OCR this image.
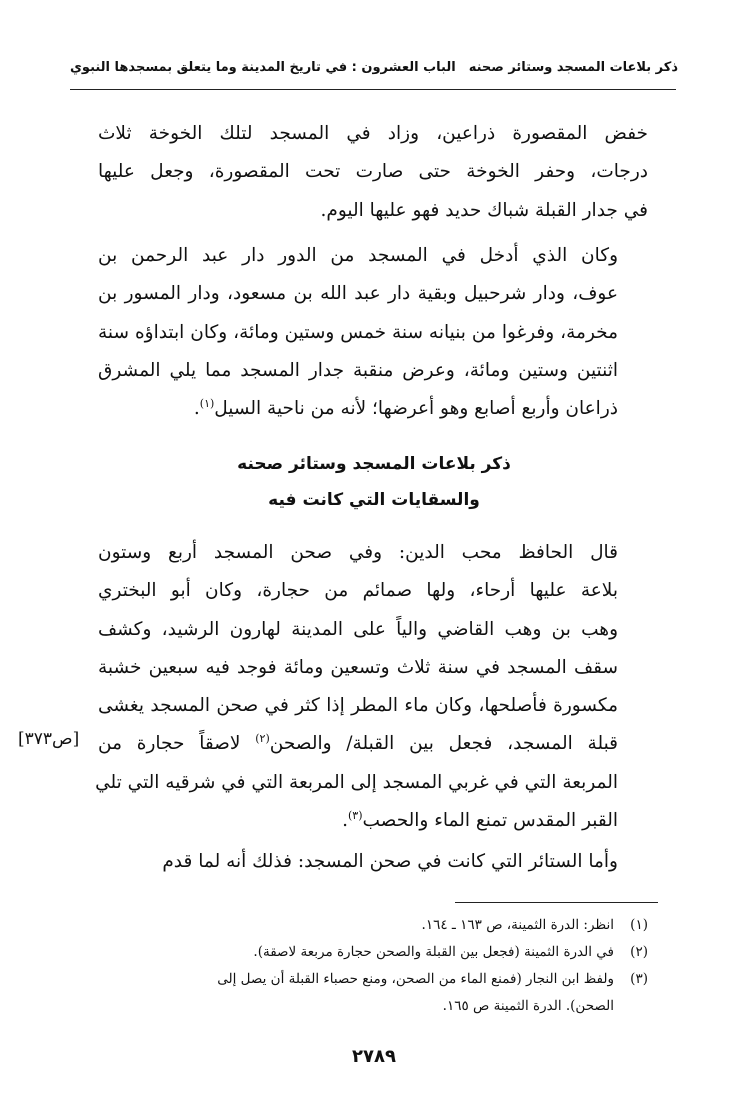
ذكر بلاعات المسجد وستائر صحنه
الباب العشرون : في تاريخ المدينة وما يتعلق بمسجدها النبوي
خفض المقصورة ذراعين، وزاد في المسجد لتلك الخوخة ثلاث
درجات، وحفر الخوخة حتى صارت تحت المقصورة، وجعل عليها
في جدار القبلة شباك حديد فهو عليها اليوم.
وكان الذي أدخل في المسجد من الدور دار عبد الرحمن بن
عوف، ودار شرحبيل وبقية دار عبد الله بن مسعود، ودار المسور بن
مخرمة، وفرغوا من بنيانه سنة خمس وستين ومائة، وكان ابتداؤه سنة
اثنتين وستين ومائة، وعرض منقبة جدار المسجد مما يلي المشرق
ذراعان وأربع أصابع وهو أعرضها؛ لأنه من ناحية السيل$^{(١)}$.
ذكر بلاعات المسجد وستائر صحنه
والسقايات التي كانت فيه
قال الحافظ محب الدين: وفي صحن المسجد أربع وستون
بلاعة عليها أرحاء، ولها صمائم من حجارة، وكان أبو البختري
وهب بن وهب القاضي والياً على المدينة لهارون الرشيد، وكشف
سقف المسجد في سنة ثلاث وتسعين ومائة فوجد فيه سبعين خشبة
مكسورة فأصلحها، وكان ماء المطر إذا كثر في صحن المسجد يغشى
قبلة المسجد، فجعل بين القبلة/ والصحن$^{(٢)}$ لاصقاً حجارة من
المربعة التي في غربي المسجد إلى المربعة التي في شرقيه التي تلي
القبر المقدس تمنع الماء والحصب$^{(٣)}$.
[ص٣٧٣]
وأما الستائر التي كانت في صحن المسجد: فذلك أنه لما قدم
(١)
انظر: الدرة الثمينة، ص ١٦٣ ـ ١٦٤.
(٢)
في الدرة الثمينة (فجعل بين القبلة والصحن حجارة مربعة لاصقة).
(٣)
ولفظ ابن النجار (فمنع الماء من الصحن، ومنع حصباء القبلة أن يصل إلى
الصحن). الدرة الثمينة ص ١٦٥.
٢٧٨٩
